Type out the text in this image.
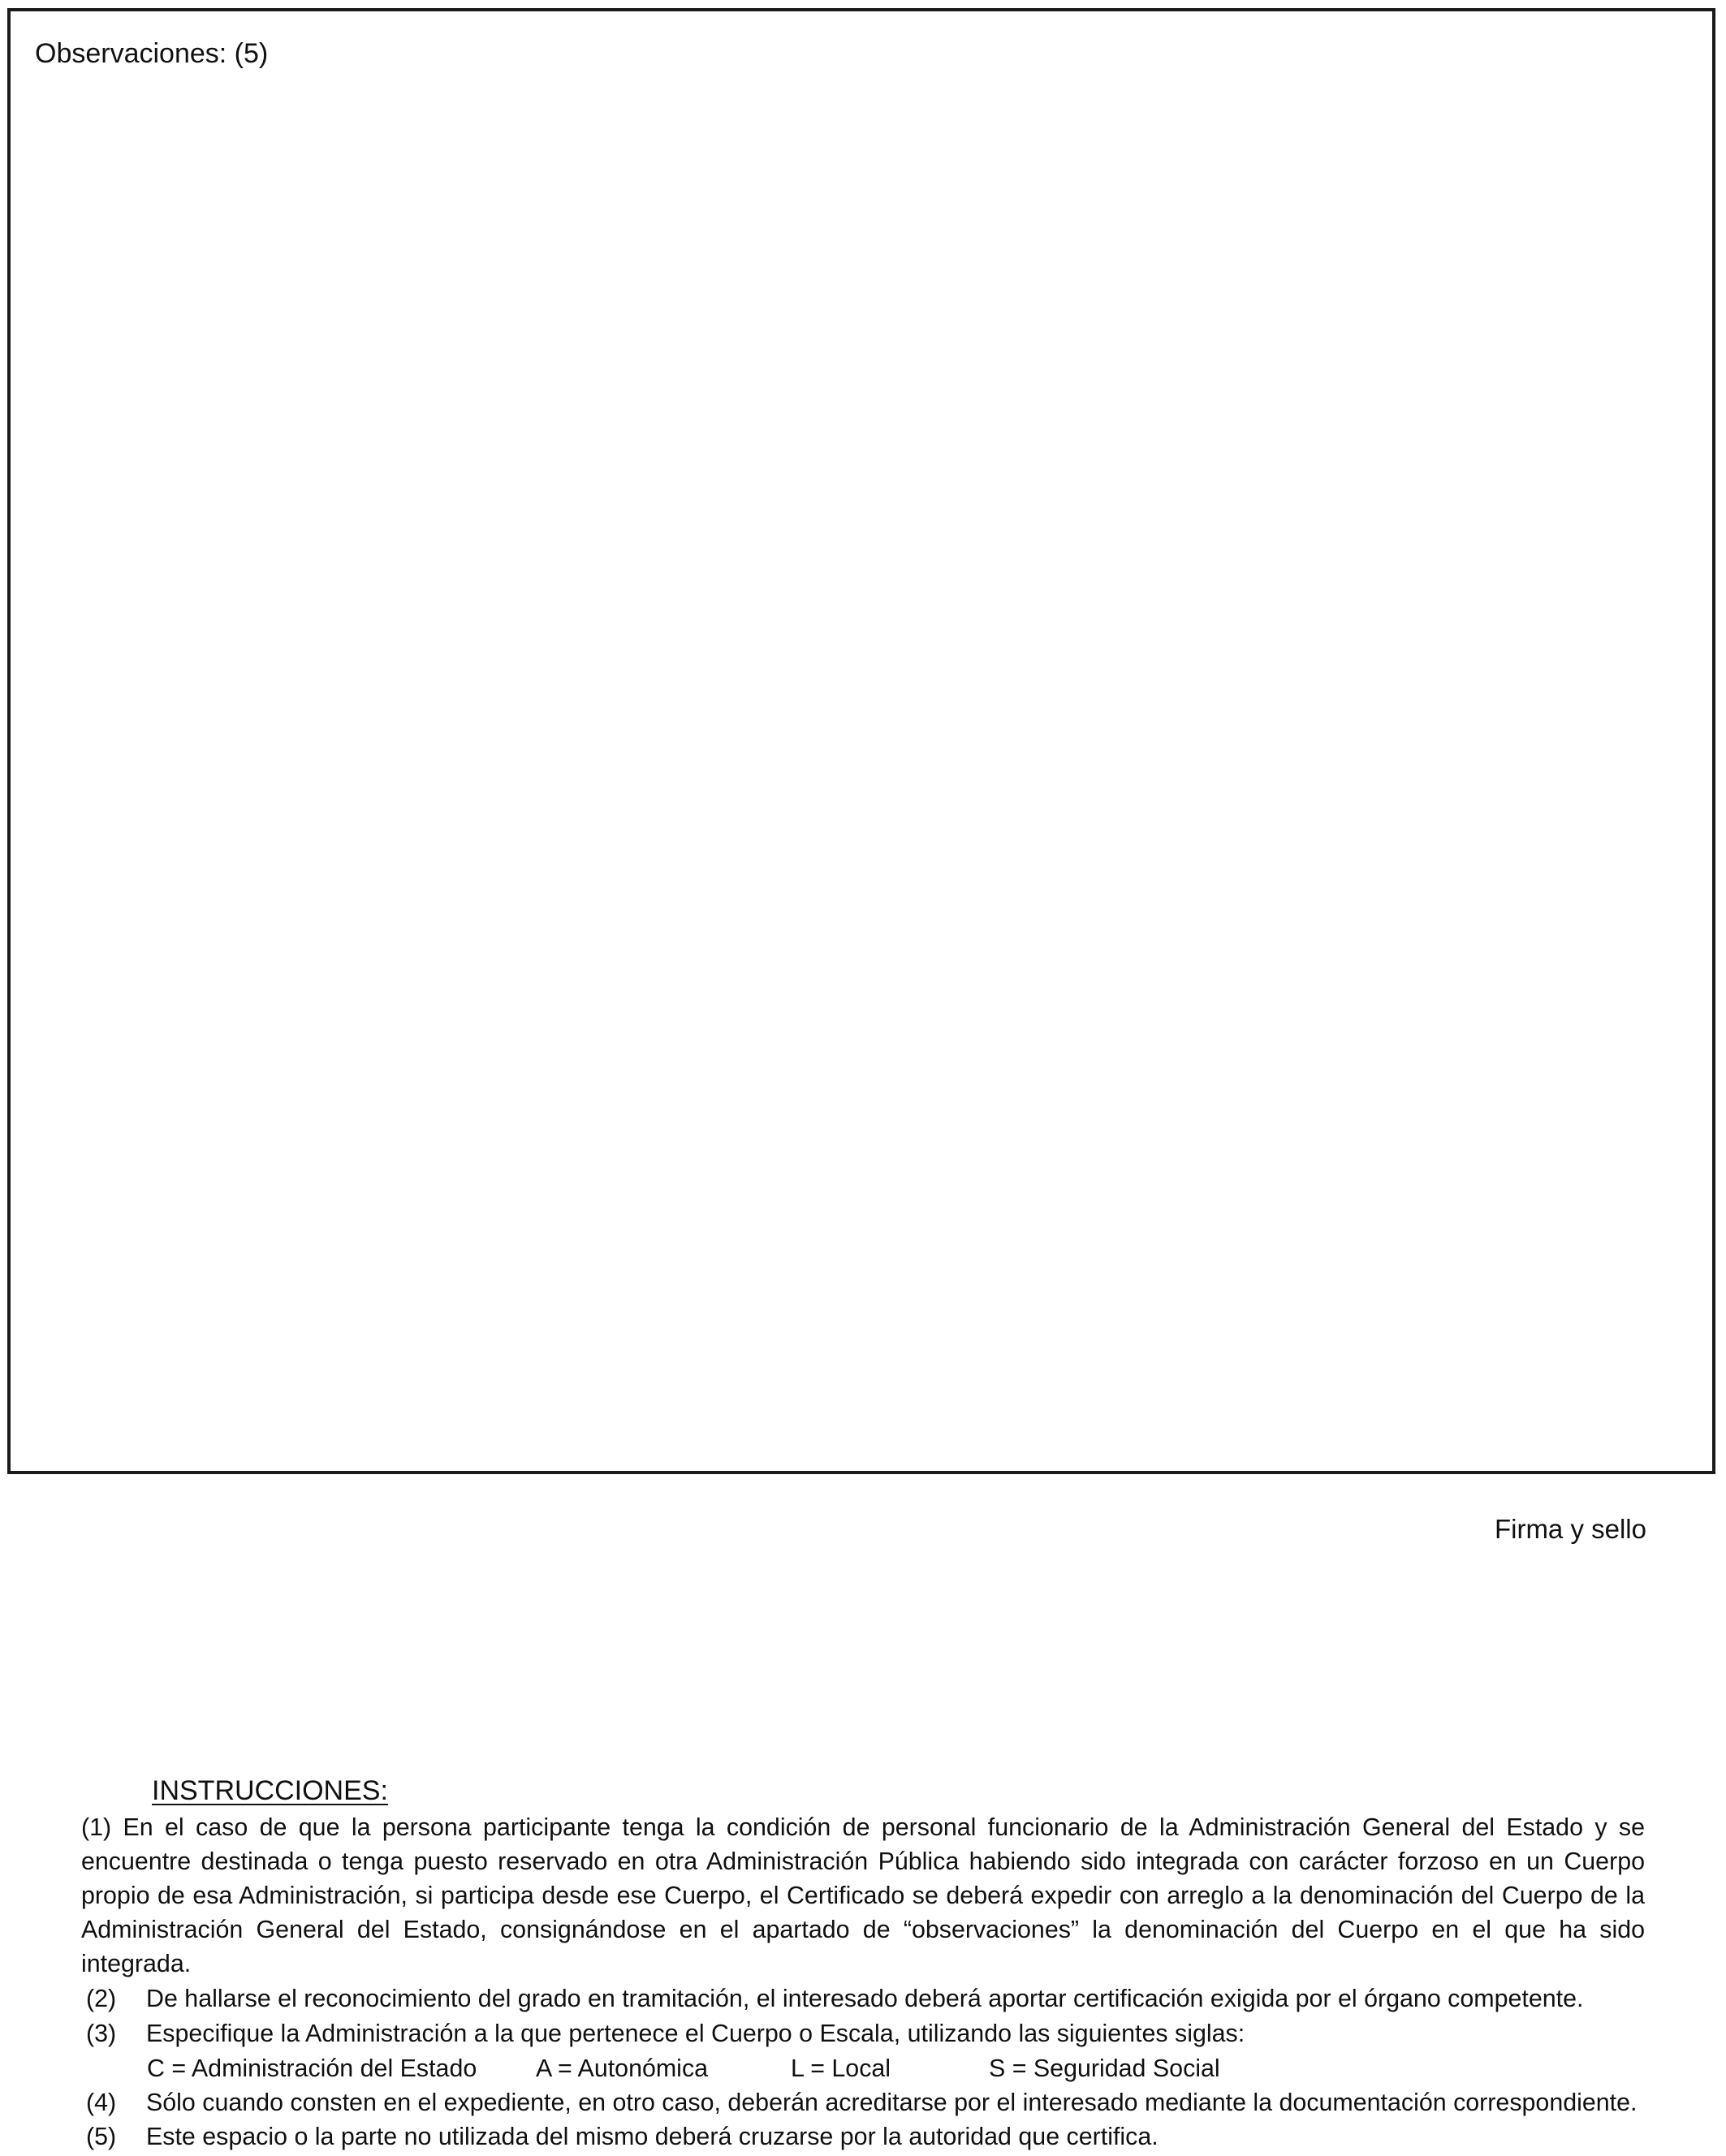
Observaciones: (5)
Firma y sello
INSTRUCCIONES:
(1) En el caso de que la persona participante tenga la condición de personal funcionario de la Administración General del Estado y se encuentre destinada o tenga puesto reservado en otra Administración Pública habiendo sido integrada con carácter forzoso en un Cuerpo propio de esa Administración, si participa desde ese Cuerpo, el Certificado se deberá expedir con arreglo a la denominación del Cuerpo de la Administración General del Estado, consignándose en el apartado de “observaciones” la denominación del Cuerpo en el que ha sido integrada.
(2) De hallarse el reconocimiento del grado en tramitación, el interesado deberá aportar certificación exigida por el órgano competente.
(3) Especifique la Administración a la que pertenece el Cuerpo o Escala, utilizando las siguientes siglas:
C = Administración del Estado A = Autonómica	L = Local	S = Seguridad Social
(4) Sólo cuando consten en el expediente, en otro caso, deberán acreditarse por el interesado mediante la documentación correspondiente.
(5) Este espacio o la parte no utilizada del mismo deberá cruzarse por la autoridad que certifica.
